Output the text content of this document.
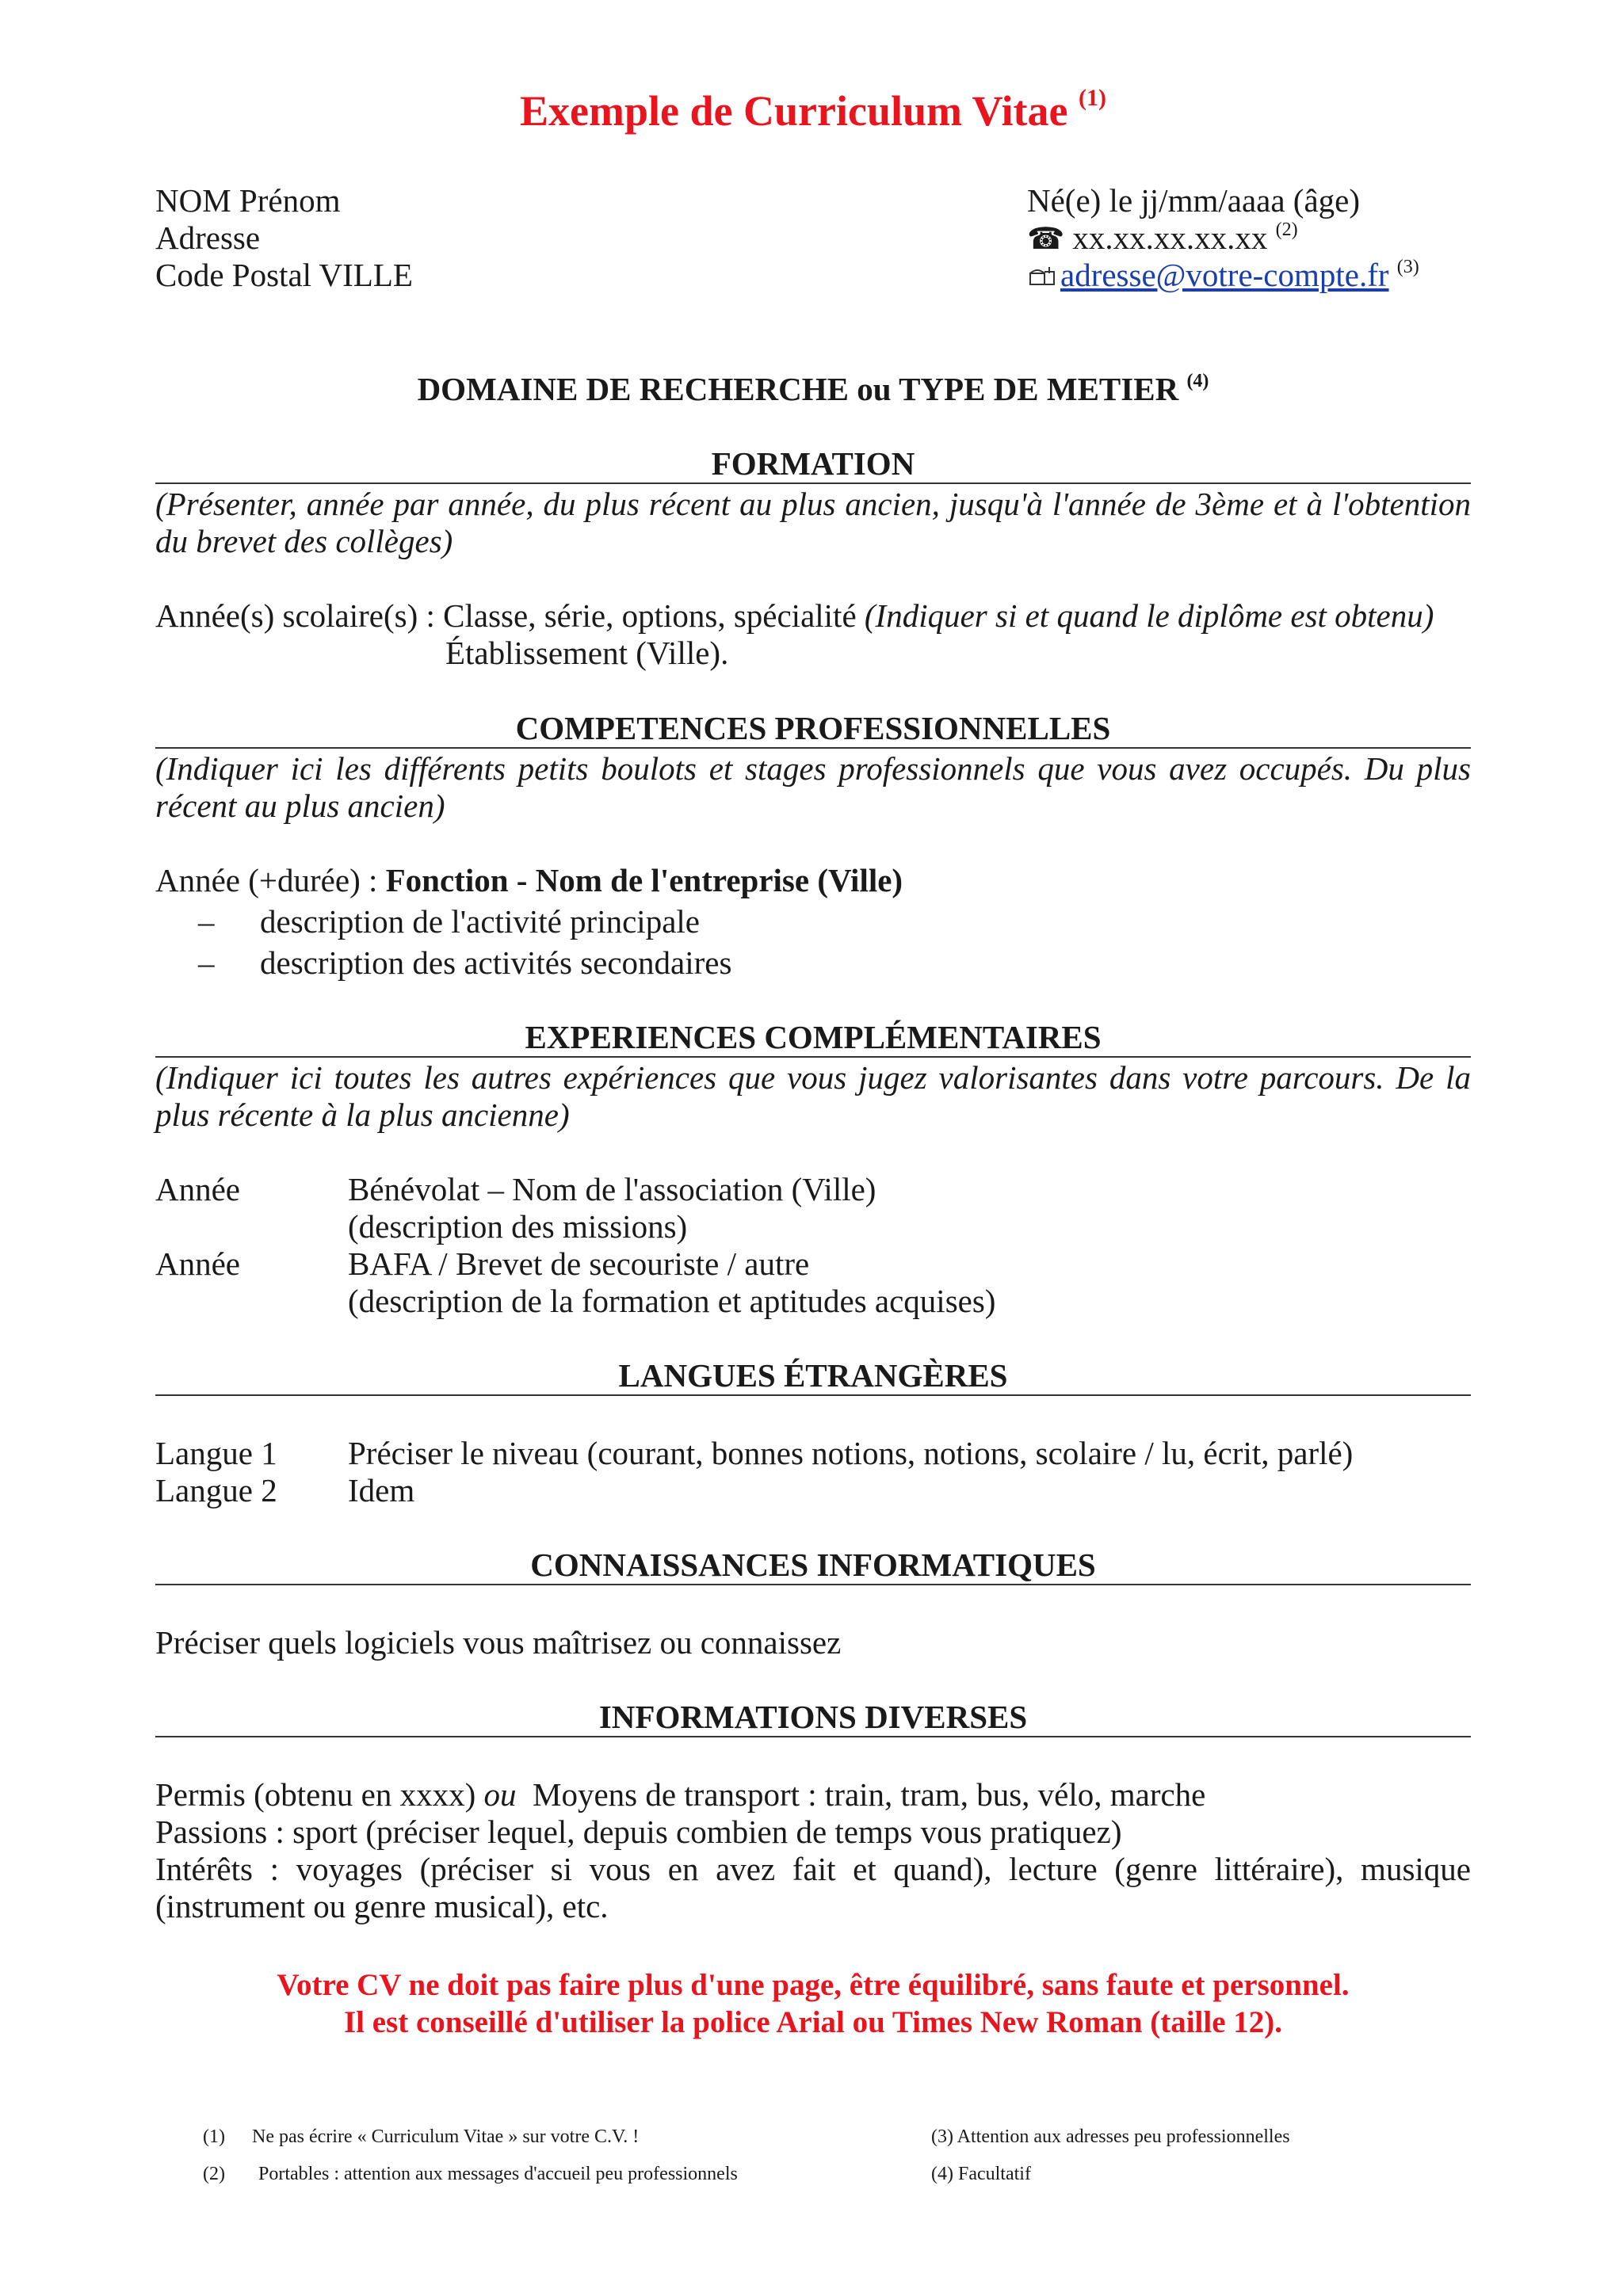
Exemple de Curriculum Vitae $^{(1)}$
NOM Prénom
Adresse
Code Postal VILLE
Né(e) le jj/mm/aaaa (âge)
☎ xx.xx.xx.xx.xx $^{(2)}$
adresse@votre-compte.fr $^{(3)}$
DOMAINE DE RECHERCHE ou TYPE DE METIER $^{(4)}$
FORMATION
(Présenter, année par année, du plus récent au plus ancien, jusqu'à l'année de 3ème et à l'obtention du brevet des collèges)
Année(s) scolaire(s) : Classe, série, options, spécialité (Indiquer si et quand le diplôme est obtenu)
Établissement (Ville).
COMPETENCES PROFESSIONNELLES
(Indiquer ici les différents petits boulots et stages professionnels que vous avez occupés. Du plus récent au plus ancien)
Année (+durée) : Fonction - Nom de l'entreprise (Ville)
– description de l'activité principale
– description des activités secondaires
EXPERIENCES COMPLÉMENTAIRES
(Indiquer ici toutes les autres expériences que vous jugez valorisantes dans votre parcours. De la plus récente à la plus ancienne)
Année	Bénévolat – Nom de l'association (Ville)
(description des missions)
Année	BAFA / Brevet de secouriste / autre
(description de la formation et aptitudes acquises)
LANGUES ÉTRANGÈRES
Langue 1 Préciser le niveau (courant, bonnes notions, notions, scolaire / lu, écrit, parlé)
Langue 2 Idem
CONNAISSANCES INFORMATIQUES
Préciser quels logiciels vous maîtrisez ou connaissez
INFORMATIONS DIVERSES
Permis (obtenu en xxxx) ou  Moyens de transport : train, tram, bus, vélo, marche
Passions : sport (préciser lequel, depuis combien de temps vous pratiquez)
Intérêts : voyages (préciser si vous en avez fait et quand), lecture (genre littéraire), musique (instrument ou genre musical), etc.
Votre CV ne doit pas faire plus d'une page, être équilibré, sans faute et personnel.
Il est conseillé d'utiliser la police Arial ou Times New Roman (taille 12).
(1) Ne pas écrire « Curriculum Vitae » sur votre C.V. !
(2) Portables : attention aux messages d'accueil peu professionnels
(3) Attention aux adresses peu professionnelles
(4) Facultatif
